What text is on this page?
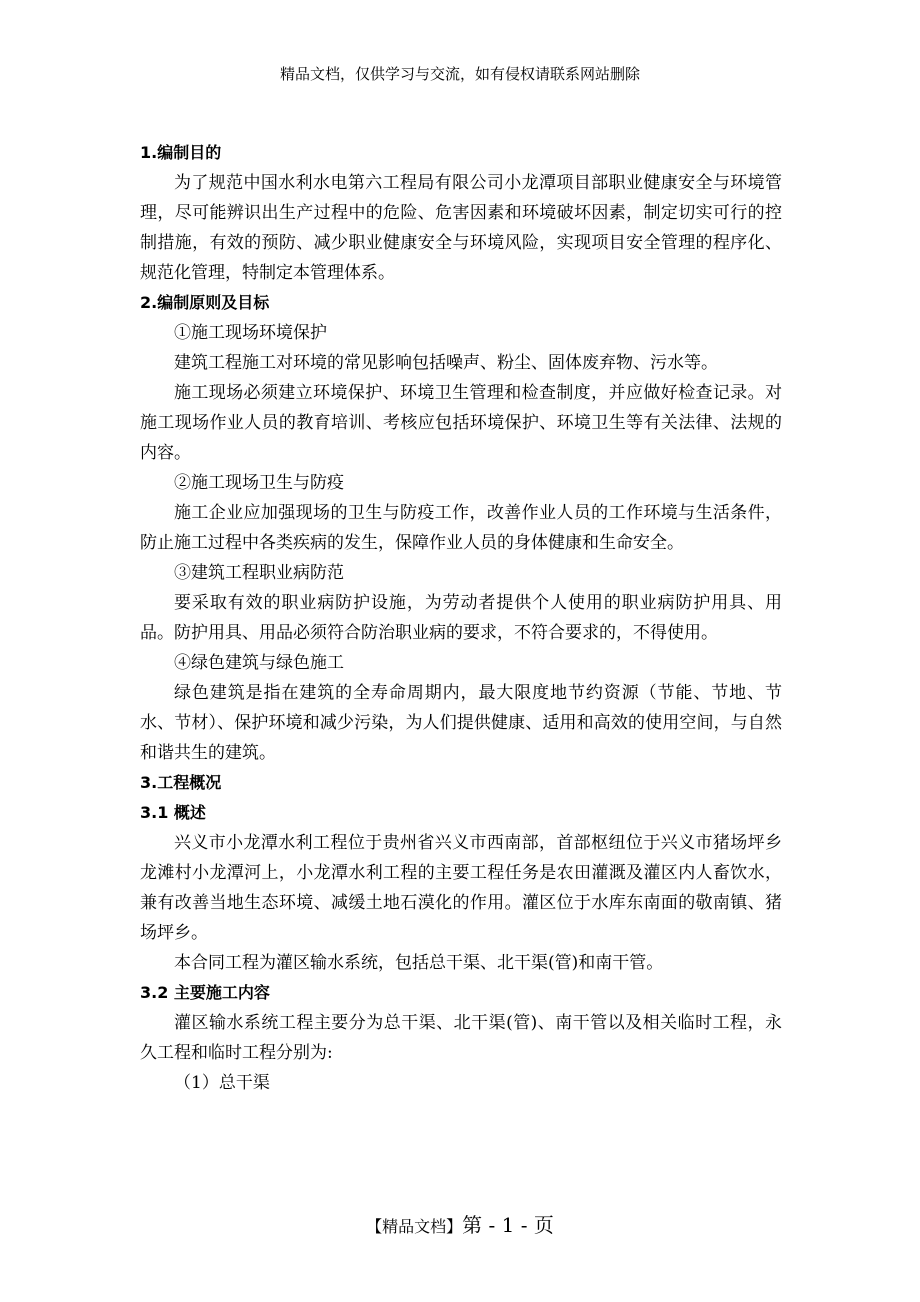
精品文档，仅供学习与交流，如有侵权请联系网站删除
1.编制目的

为了规范中国水利水电第六工程局有限公司小龙潭项目部职业健康安全与环境管理，尽可能辨识出生产过程中的危险、危害因素和环境破坏因素，制定切实可行的控制措施，有效的预防、减少职业健康安全与环境风险，实现项目安全管理的程序化、规范化管理，特制定本管理体系。

2.编制原则及目标
①施工现场环境保护

建筑工程施工对环境的常见影响包括噪声、粉尘、固体废弃物、污水等。

施工现场必须建立环境保护、环境卫生管理和检查制度，并应做好检查记录。对施工现场作业人员的教育培训、考核应包括环境保护、环境卫生等有关法律、法规的内容。

②施工现场卫生与防疫

施工企业应加强现场的卫生与防疫工作，改善作业人员的工作环境与生活条件，防止施工过程中各类疾病的发生，保障作业人员的身体健康和生命安全。

③建筑工程职业病防范

要采取有效的职业病防护设施，为劳动者提供个人使用的职业病防护用具、用品。防护用具、用品必须符合防治职业病的要求，不符合要求的，不得使用。

④绿色建筑与绿色施工

绿色建筑是指在建筑的全寿命周期内，最大限度地节约资源（节能、节地、节水、节材）、保护环境和减少污染，为人们提供健康、适用和高效的使用空间，与自然和谐共生的建筑。

3.工程概况
3.1 概述

兴义市小龙潭水利工程位于贵州省兴义市西南部，首部枢纽位于兴义市猪场坪乡龙滩村小龙潭河上，小龙潭水利工程的主要工程任务是农田灌溉及灌区内人畜饮水，兼有改善当地生态环境、减缓土地石漠化的作用。灌区位于水库东南面的敬南镇、猪场坪乡。

本合同工程为灌区输水系统，包括总干渠、北干渠(管)和南干管。

3.2 主要施工内容

灌区输水系统工程主要分为总干渠、北干渠(管)、南干管以及相关临时工程，永久工程和临时工程分别为:

（1）总干渠
【精品文档】第 - 1 - 页
